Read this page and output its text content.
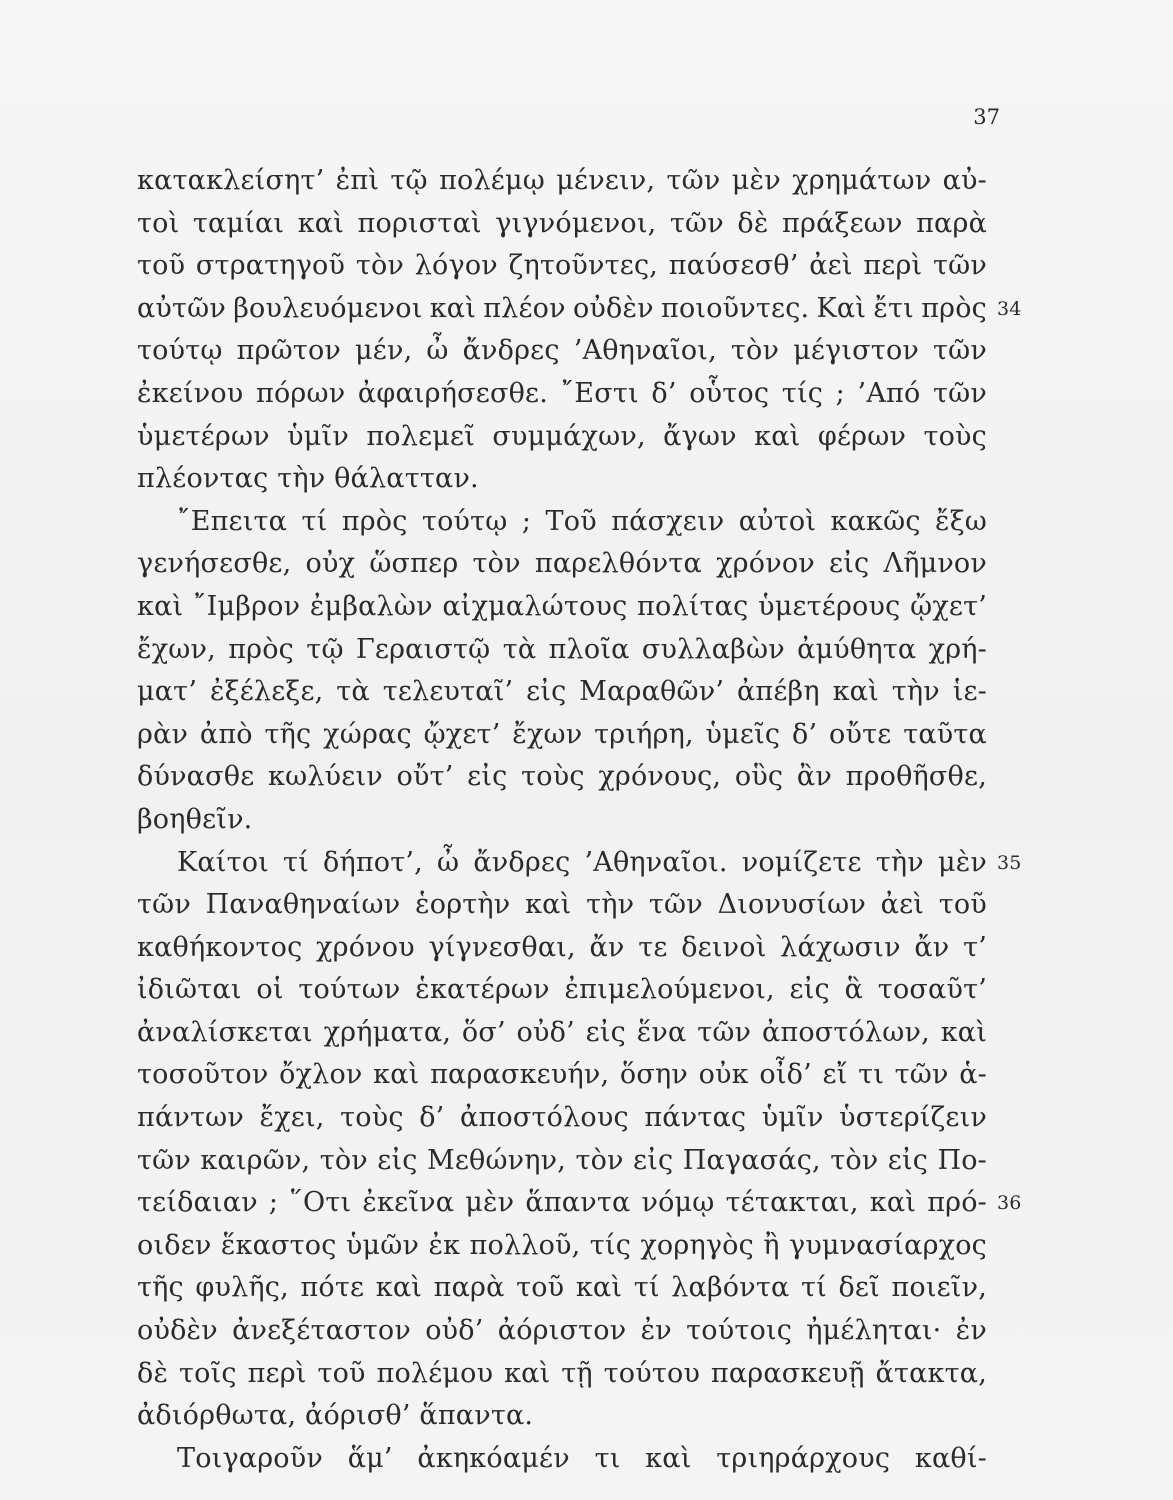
37
κατακλείσητ’ ἐπὶ τῷ πολέμῳ μένειν, τῶν μὲν χρημάτων αὐ-
τοὶ ταμίαι καὶ πορισταὶ γιγνόμενοι, τῶν δὲ πράξεων παρὰ
τοῦ στρατηγοῦ τὸν λόγον ζητοῦντες, παύσεσθ’ ἀεὶ περὶ τῶν
αὐτῶν βουλευόμενοι καὶ πλέον οὐδὲν ποιοῦντες. Καὶ ἔτι πρὸς 34
τούτῳ πρῶτον μέν, ὦ ἄνδρες ’Αθηναῖοι, τὸν μέγιστον τῶν
ἐκείνου πόρων ἀφαιρήσεσθε. ῎Εστι δ’ οὗτος τίς ; ’Από τῶν
ὑμετέρων ὑμῖν πολεμεῖ συμμάχων, ἄγων καὶ φέρων τοὺς
πλέοντας τὴν θάλατταν.
῎Επειτα τί πρὸς τούτῳ ; Τοῦ πάσχειν αὐτοὶ κακῶς ἔξω
γενήσεσθε, οὐχ ὥσπερ τὸν παρελθόντα χρόνον εἰς Λῆμνον
καὶ ῎Ιμβρον ἐμβαλὼν αἰχμαλώτους πολίτας ὑμετέρους ᾤχετ’
ἔχων, πρὸς τῷ Γεραιστῷ τὰ πλοῖα συλλαβὼν ἀμύθητα χρή-
ματ’ ἐξέλεξε, τὰ τελευταῖ’ εἰς Μαραθῶν’ ἀπέβη καὶ τὴν ἱε-
ρὰν ἀπὸ τῆς χώρας ᾤχετ’ ἔχων τριήρη, ὑμεῖς δ’ οὔτε ταῦτα
δύνασθε κωλύειν οὔτ’ εἰς τοὺς χρόνους, οὓς ἂν προθῆσθε,
βοηθεῖν.
Καίτοι τί δήποτ’, ὦ ἄνδρες ’Αθηναῖοι. νομίζετε τὴν μὲν 35
τῶν Παναθηναίων ἑορτὴν καὶ τὴν τῶν Διονυσίων ἀεὶ τοῦ
καθήκοντος χρόνου γίγνεσθαι, ἄν τε δεινοὶ λάχωσιν ἄν τ’
ἰδιῶται οἱ τούτων ἑκατέρων ἐπιμελούμενοι, εἰς ἃ τοσαῦτ’
ἀναλίσκεται χρήματα, ὅσ’ οὐδ’ εἰς ἕνα τῶν ἀποστόλων, καὶ
τοσοῦτον ὄχλον καὶ παρασκευήν, ὅσην οὐκ οἶδ’ εἴ τι τῶν ἁ-
πάντων ἔχει, τοὺς δ’ ἀποστόλους πάντας ὑμῖν ὑστερίζειν
τῶν καιρῶν, τὸν εἰς Μεθώνην, τὸν εἰς Παγασάς, τὸν εἰς Πο-
τείδαιαν ; ῞Οτι ἐκεῖνα μὲν ἅπαντα νόμῳ τέτακται, καὶ πρό- 36
οιδεν ἕκαστος ὑμῶν ἐκ πολλοῦ, τίς χορηγὸς ἢ γυμνασίαρχος
τῆς φυλῆς, πότε καὶ παρὰ τοῦ καὶ τί λαβόντα τί δεῖ ποιεῖν,
οὐδὲν ἀνεξέταστον οὐδ’ ἀόριστον ἐν τούτοις ἠμέληται· ἐν
δὲ τοῖς περὶ τοῦ πολέμου καὶ τῇ τούτου παρασκευῇ ἄτακτα,
ἀδιόρθωτα, ἀόρισθ’ ἅπαντα.
Τοιγαροῦν ἅμ’ ἀκηκόαμέν τι καὶ τριηράρχους καθί-
